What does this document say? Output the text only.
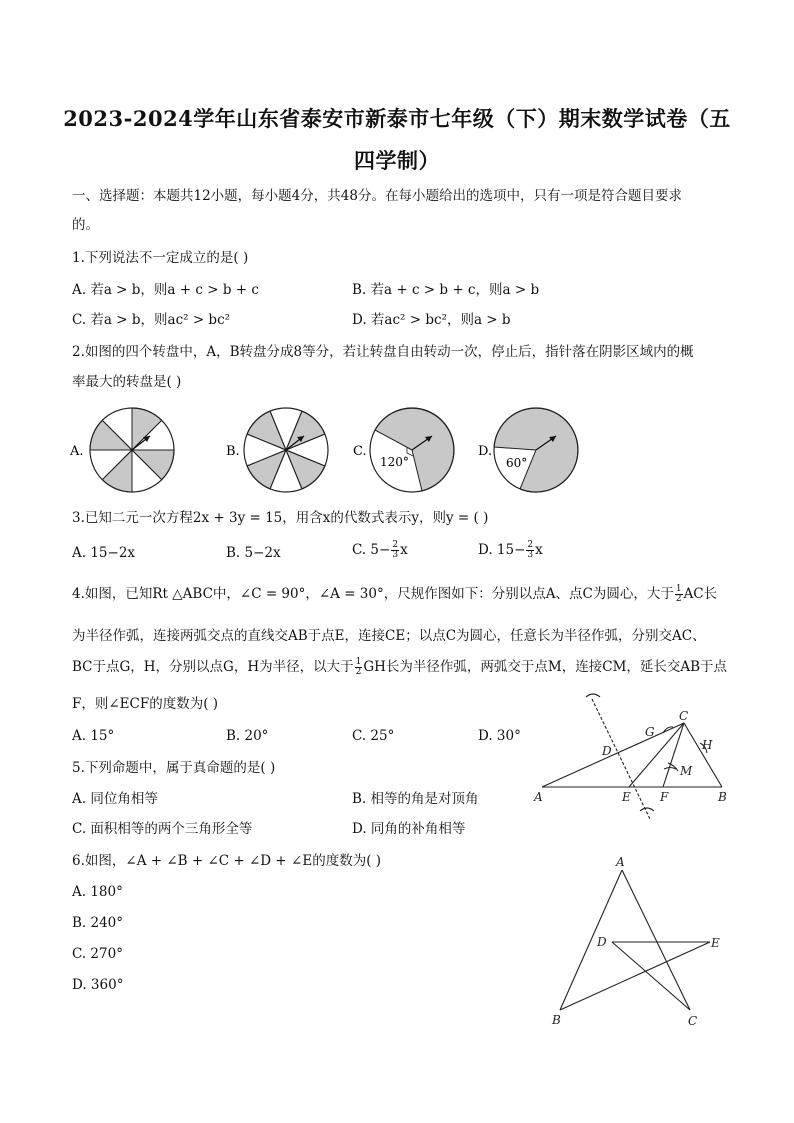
2023-2024学年山东省泰安市新泰市七年级（下）期末数学试卷（五四学制）
一、选择题：本题共12小题，每小题4分，共48分。在每小题给出的选项中，只有一项是符合题目要求
的。
1.下列说法不一定成立的是( )
A. 若a > b，则a + c > b + c	B. 若a + c > b + c，则a > b
C. 若a > b，则ac² > bc²	D. 若ac² > bc²，则a > b
2.如图的四个转盘中，A，B转盘分成8等分，若让转盘自由转动一次，停止后，指针落在阴影区域内的概
率最大的转盘是( )
A.	B.	C.
120°
D.
60°
3.已知二元一次方程2x + 3y = 15，用含x的代数式表示y，则y = ( )
A. 15−2x	B. 5−2x	C. $5- \frac{2}{3}$ x	D. $15- \frac{2}{3}$ x
4.如图，已知Rt △ABC中，∠C = 90°，∠A = 30°，尺规作图如下：分别以点A、点C为圆心，大于 $\frac{1}{2}$ AC长
为半径作弧，连接两弧交点的直线交AB于点E，连接CE；以点C为圆心，任意长为半径作弧，分别交AC、
BC于点G，H，分别以点G，H为半径，以大于 $\frac{1}{2}$ GH长为半径作弧，两弧交于点M，连接CM，延长交AB于点
F，则∠ECF的度数为( )
A. 15°	B. 20°	C. 25°	D. 30°
A	B
C
D
E F
G
H
M
5.下列命题中，属于真命题的是( )
A. 同位角相等	B. 相等的角是对顶角
C. 面积相等的两个三角形全等	D. 同角的补角相等
6.如图，∠A + ∠B + ∠C + ∠D + ∠E的度数为( )
A. 180°
B. 240°
C. 270°
D. 360°
A
B	C
D	E
